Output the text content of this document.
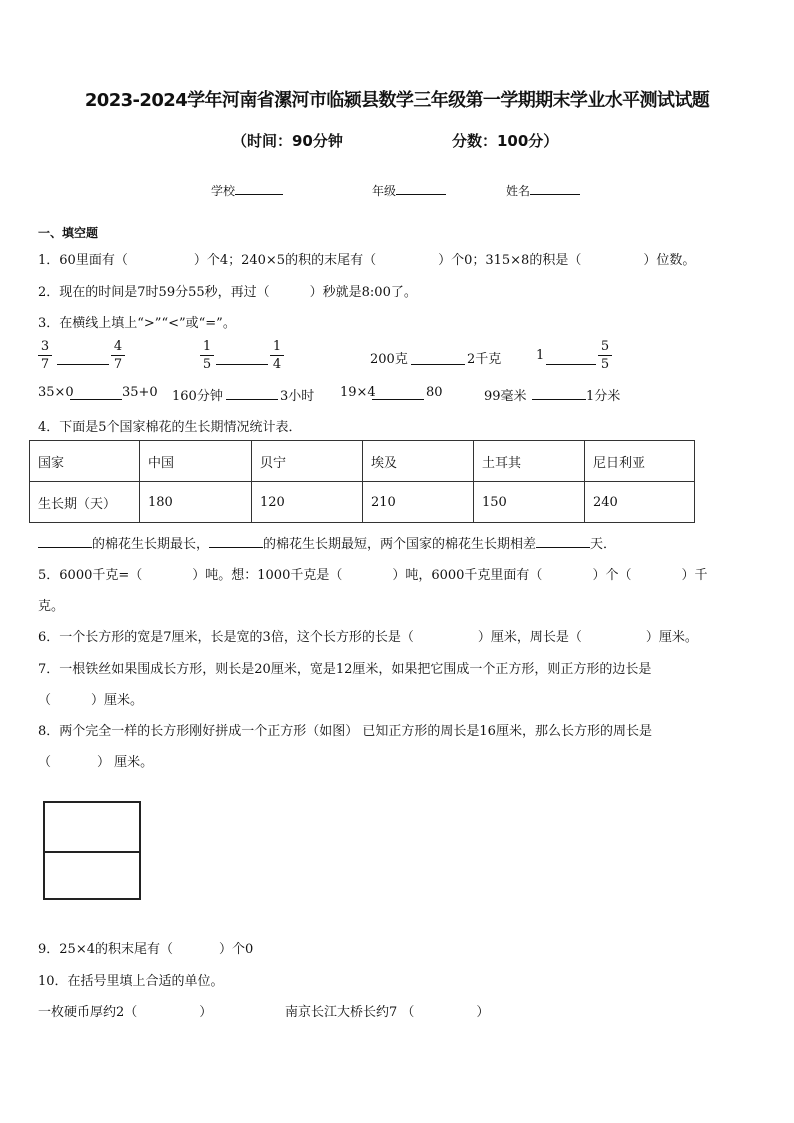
2023-2024学年河南省漯河市临颍县数学三年级第一学期期末学业水平测试试题
（时间：90分钟	分数：100分）
学校	年级	姓名
一、填空题
1．60里面有（	）个4；240×5的积的末尾有（	）个0；315×8的积是（	）位数。
2．现在的时间是7时59分55秒，再过（	）秒就是8:00了。
3．在横线上填上“>”“<”或“=”。
$\frac{3}{7}$	$\frac{4}{7}$	$\frac{1}{5}$	$\frac{1}{4}$	200克	2千克	1	$\frac{5}{5}$
35×0	35+0 160分钟	3小时 19×4	80	99毫米	1分米
4．下面是5个国家棉花的生长期情况统计表．
国家	中国	贝宁	埃及	土耳其	尼日利亚
生长期（天）	180	120	210	150	240
的棉花生长期最长，	的棉花生长期最短，两个国家的棉花生长期相差	天．
5．6000千克=（	）吨。想：1000千克是（	）吨，6000千克里面有（	）个（	）千
克。
6．一个长方形的宽是7厘米，长是宽的3倍，这个长方形的长是（	）厘米，周长是（	）厘米。
7．一根铁丝如果围成长方形，则长是20厘米，宽是12厘米，如果把它围成一个正方形，则正方形的边长是
（	）厘米。
8．两个完全一样的长方形刚好拼成一个正方形（如图） 已知正方形的周长是16厘米，那么长方形的周长是
（	） 厘米。
9．25×4的积末尾有（	）个0
10．在括号里填上合适的单位。
一枚硬币厚约2（	）	南京长江大桥长约7 （	）
